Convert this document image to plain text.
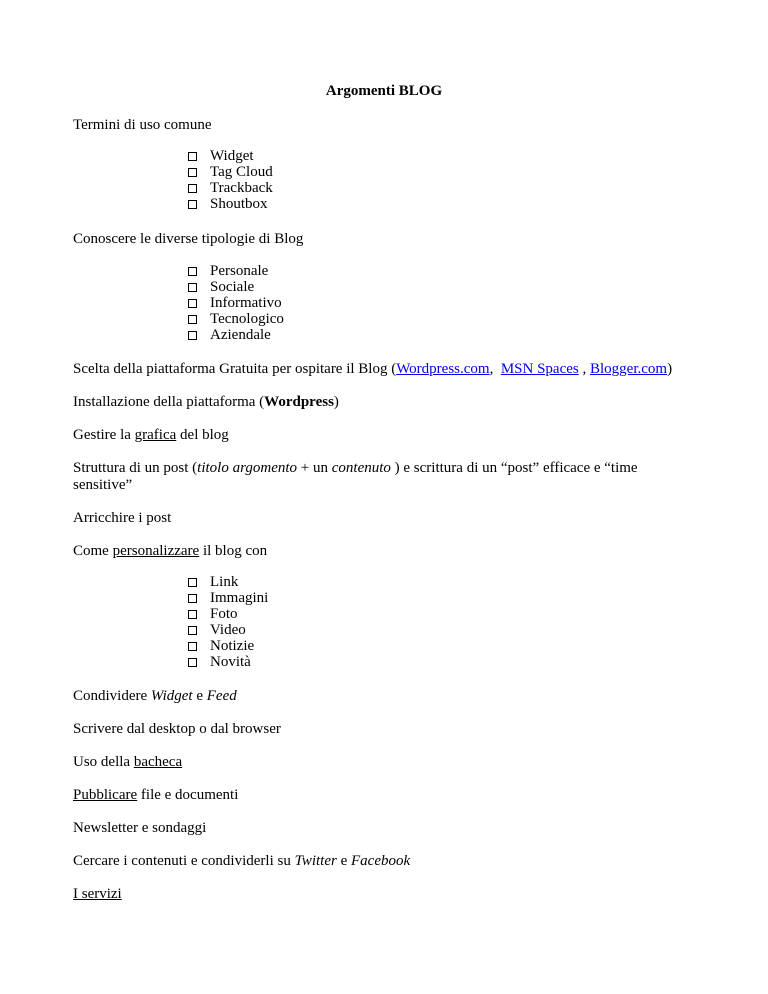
Argomenti BLOG
Termini di uso comune
Widget
Tag Cloud
Trackback
Shoutbox
Conoscere le diverse tipologie di Blog
Personale
Sociale
Informativo
Tecnologico
Aziendale
Scelta della piattaforma Gratuita per ospitare il Blog (Wordpress.com,  MSN Spaces , Blogger.com)
Installazione della piattaforma (Wordpress)
Gestire la grafica del blog
Struttura di un post (titolo argomento + un contenuto ) e scrittura di un “post” efficace e “time
sensitive”
Arricchire i post
Come personalizzare il blog con
Link
Immagini
Foto
Video
Notizie
Novità
Condividere Widget e Feed
Scrivere dal desktop o dal browser
Uso della bacheca
Pubblicare file e documenti
Newsletter e sondaggi
Cercare i contenuti e condividerli su Twitter e Facebook
I servizi
